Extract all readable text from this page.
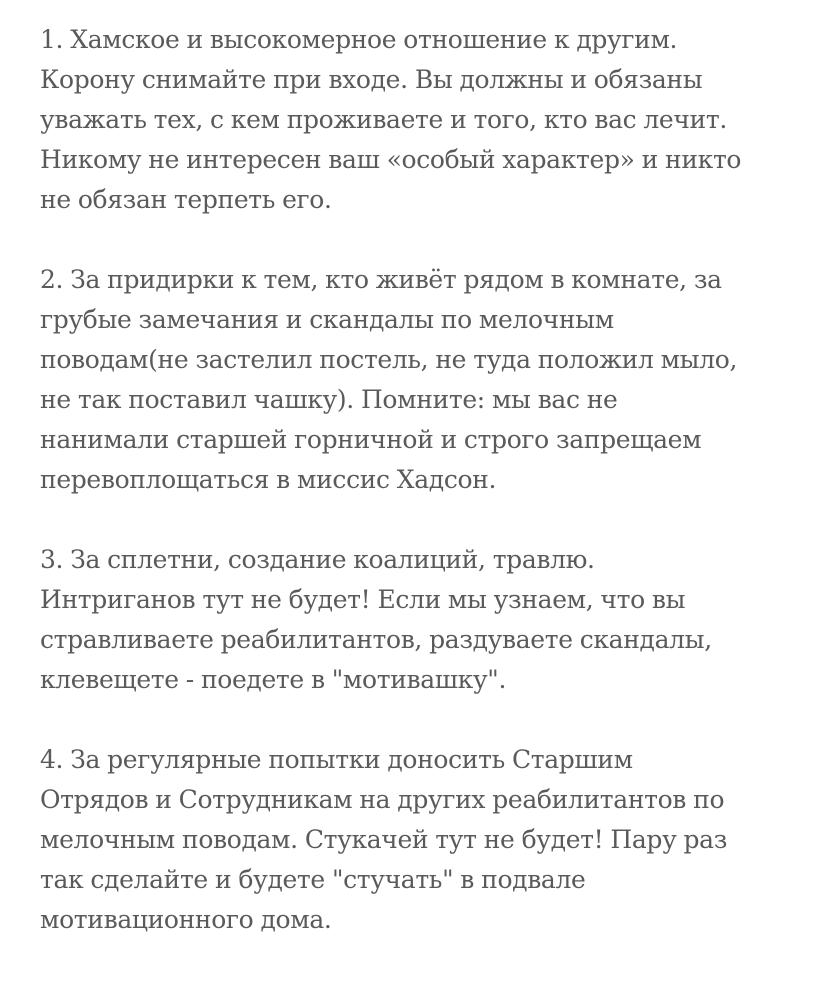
1. Хамское и высокомерное отношение к другим.
Корону снимайте при входе. Вы должны и обязаны
уважать тех, с кем проживаете и того, кто вас лечит.
Никому не интересен ваш «особый характер» и никто
не обязан терпеть его.

2. За придирки к тем, кто живёт рядом в комнате, за
грубые замечания и скандалы по мелочным
поводам(не застелил постель, не туда положил мыло,
не так поставил чашку). Помните: мы вас не
нанимали старшей горничной и строго запрещаем
перевоплощаться в миссис Хадсон.

3. За сплетни, создание коалиций, травлю.
Интриганов тут не будет! Если мы узнаем, что вы
стравливаете реабилитантов, раздуваете скандалы,
клевещете - поедете в "мотивашку".

4. За регулярные попытки доносить Старшим
Отрядов и Сотрудникам на других реабилитантов по
мелочным поводам. Стукачей тут не будет! Пару раз
так сделайте и будете "стучать" в подвале
мотивационного дома.
